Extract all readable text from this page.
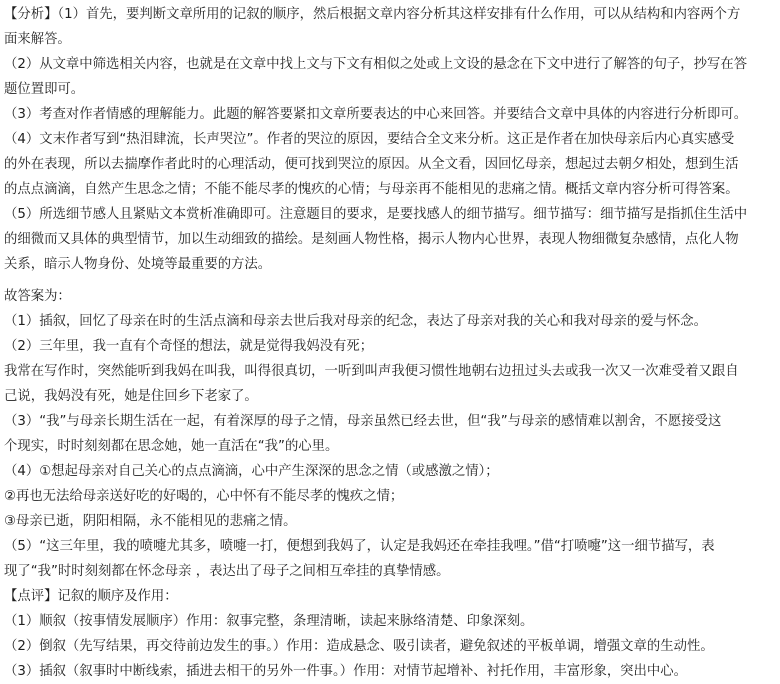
【分析】（1）首先，要判断文章所用的记叙的顺序，然后根据文章内容分析其这样安排有什么作用，可以从结构和内容两个方
面来解答。
（2）从文章中筛选相关内容，也就是在文章中找上文与下文有相似之处或上文设的悬念在下文中进行了解答的句子，抄写在答
题位置即可。
（3）考查对作者情感的理解能力。此题的解答要紧扣文章所要表达的中心来回答。并要结合文章中具体的内容进行分析即可。
（4）文末作者写到“热泪肆流，长声哭泣”。作者的哭泣的原因，要结合全文来分析。这正是作者在加快母亲后内心真实感受
的外在表现，所以去揣摩作者此时的心理活动，便可找到哭泣的原因。从全文看，因回忆母亲，想起过去朝夕相处，想到生活
的点点滴滴，自然产生思念之情；不能不能尽孝的愧疚的心情；与母亲再不能相见的悲痛之情。概括文章内容分析可得答案。
（5）所选细节感人且紧贴文本赏析准确即可。注意题目的要求，是要找感人的细节描写。细节描写：细节描写是指抓住生活中
的细微而又具体的典型情节，加以生动细致的描绘。是刻画人物性格，揭示人物内心世界，表现人物细微复杂感情，点化人物
关系，暗示人物身份、处境等最重要的方法。
故答案为：
（1）插叙，回忆了母亲在时的生活点滴和母亲去世后我对母亲的纪念，表达了母亲对我的关心和我对母亲的爱与怀念。
（2）三年里，我一直有个奇怪的想法，就是觉得我妈没有死；
我常在写作时，突然能听到我妈在叫我，叫得很真切，一听到叫声我便习惯性地朝右边扭过头去或我一次又一次难受着又跟自
己说，我妈没有死，她是住回乡下老家了。
（3）“我”与母亲长期生活在一起，有着深厚的母子之情，母亲虽然已经去世，但“我”与母亲的感情难以割舍，不愿接受这
个现实，时时刻刻都在思念她，她一直活在“我”的心里。
（4）①想起母亲对自己关心的点点滴滴，心中产生深深的思念之情（或感激之情）；
②再也无法给母亲送好吃的好喝的，心中怀有不能尽孝的愧疚之情；
③母亲已逝，阴阳相隔，永不能相见的悲痛之情。
（5）“这三年里，我的喷嚏尤其多，喷嚏一打，便想到我妈了，认定是我妈还在牵挂我哩。”借“打喷嚏”这一细节描写，表
现了“我”时时刻刻都在怀念母亲 ，表达出了母子之间相互牵挂的真挚情感。
【点评】记叙的顺序及作用：
（1）顺叙（按事情发展顺序）作用：叙事完整，条理清晰，读起来脉络清楚、印象深刻。
（2）倒叙（先写结果，再交待前边发生的事。）作用：造成悬念、吸引读者，避免叙述的平板单调，增强文章的生动性。
（3）插叙（叙事时中断线索，插进去相干的另外一件事。）作用：对情节起增补、衬托作用，丰富形象，突出中心。
